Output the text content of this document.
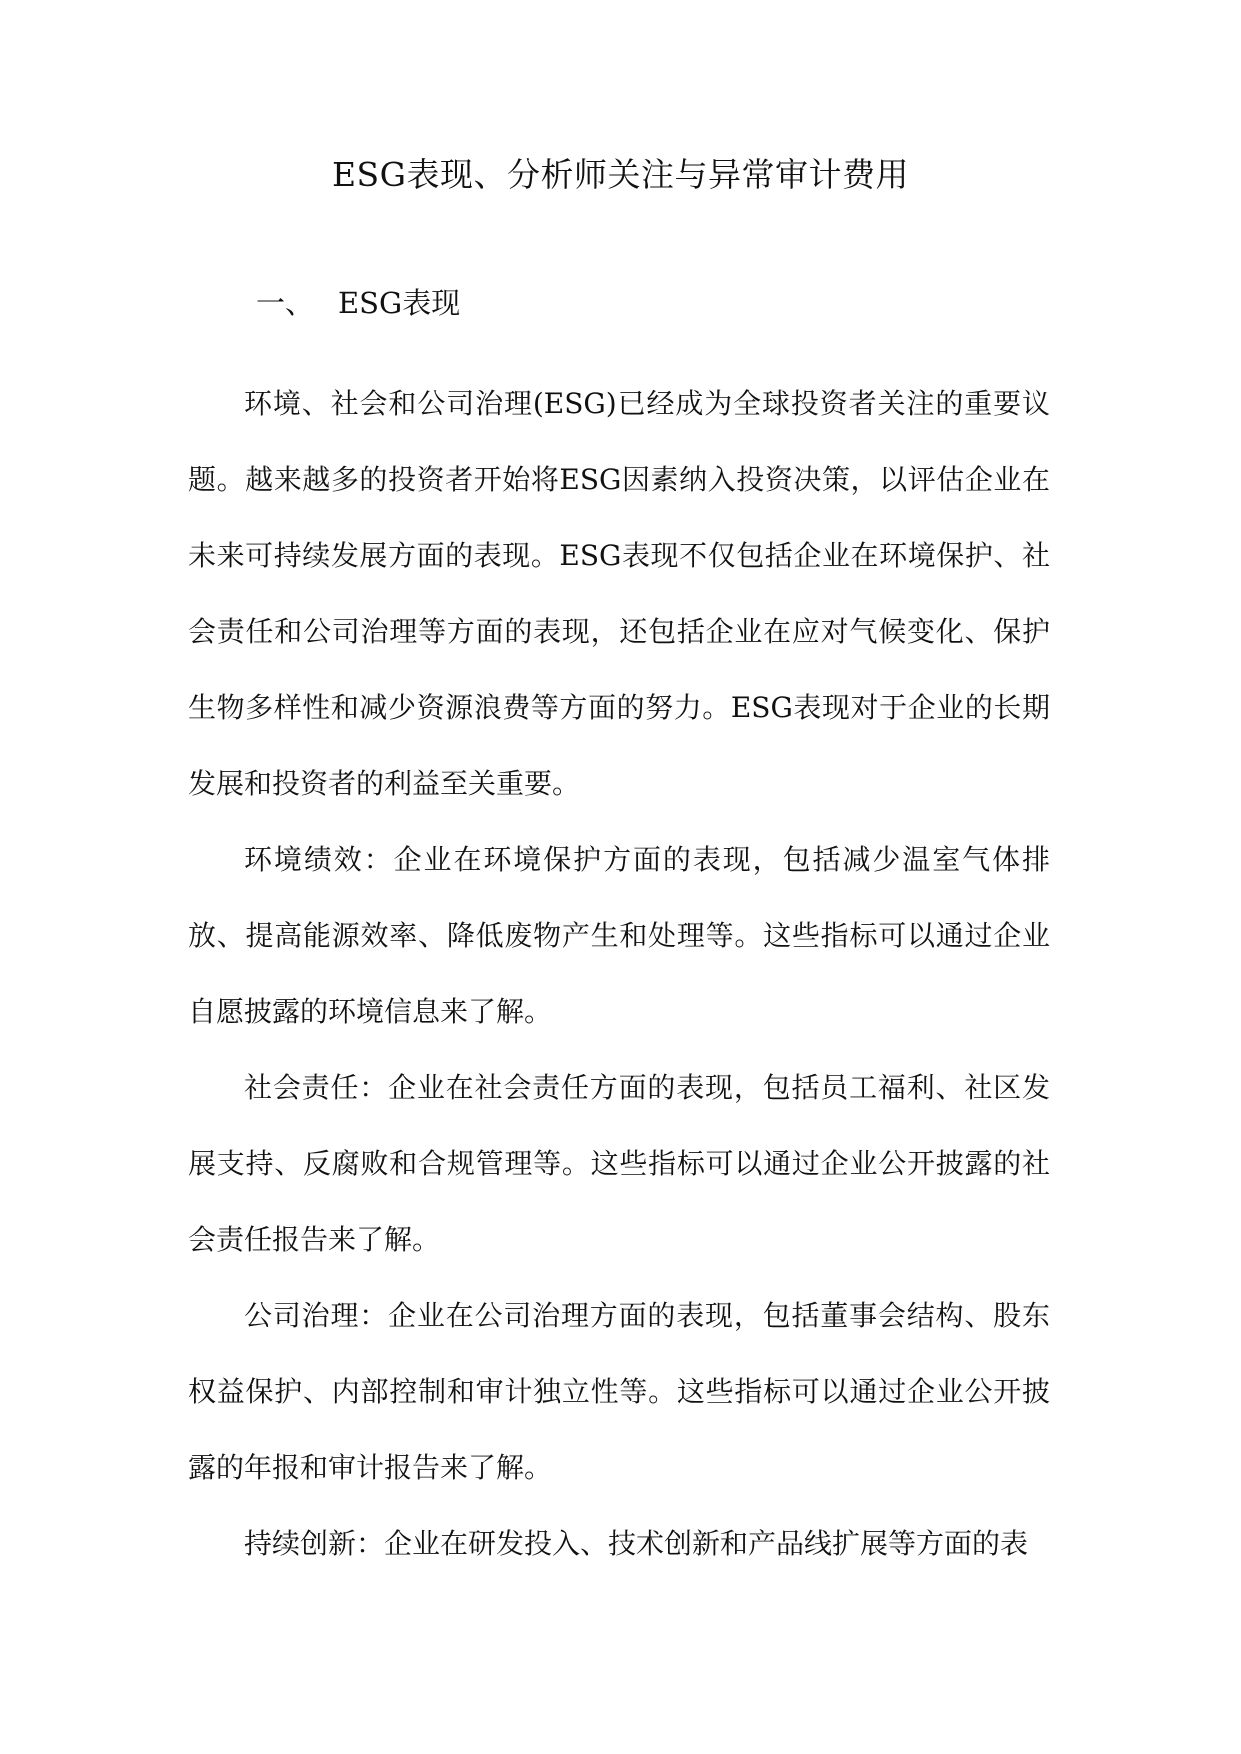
ESG表现、分析师关注与异常审计费用
一、 ESG表现

环境、社会和公司治理(ESG)已经成为全球投资者关注的重要议题。越来越多的投资者开始将ESG因素纳入投资决策，以评估企业在未来可持续发展方面的表现。ESG表现不仅包括企业在环境保护、社会责任和公司治理等方面的表现，还包括企业在应对气候变化、保护生物多样性和减少资源浪费等方面的努力。ESG表现对于企业的长期发展和投资者的利益至关重要。

环境绩效：企业在环境保护方面的表现，包括减少温室气体排放、提高能源效率、降低废物产生和处理等。这些指标可以通过企业自愿披露的环境信息来了解。

社会责任：企业在社会责任方面的表现，包括员工福利、社区发展支持、反腐败和合规管理等。这些指标可以通过企业公开披露的社会责任报告来了解。

公司治理：企业在公司治理方面的表现，包括董事会结构、股东权益保护、内部控制和审计独立性等。这些指标可以通过企业公开披露的年报和审计报告来了解。

持续创新：企业在研发投入、技术创新和产品线扩展等方面的表
